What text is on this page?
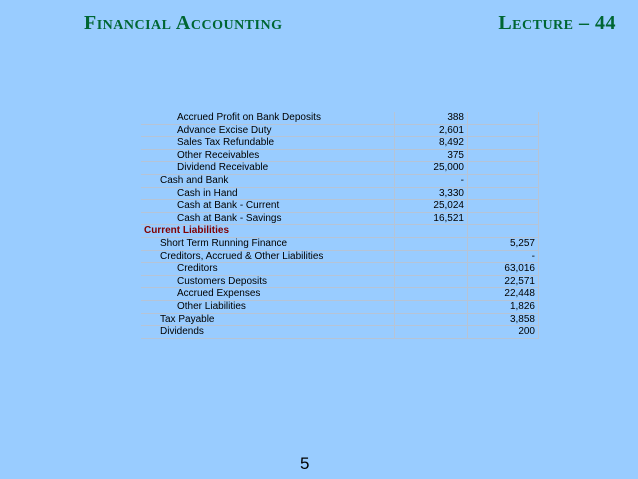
Financial Accounting	Lecture – 44
Accrued Profit on Bank Deposits	388	
Advance Excise Duty	2,601	
Sales Tax Refundable	8,492	
Other Receivables	375	
Dividend Receivable	25,000	
Cash and Bank	-	
Cash in Hand	3,330	
Cash at Bank - Current	25,024	
Cash at Bank - Savings	16,521	
Current Liabilities		
Short Term Running Finance		5,257
Creditors, Accrued & Other Liabilities		-
Creditors		63,016
Customers Deposits		22,571
Accrued Expenses		22,448
Other Liabilities		1,826
Tax Payable		3,858
Dividends		200
5
